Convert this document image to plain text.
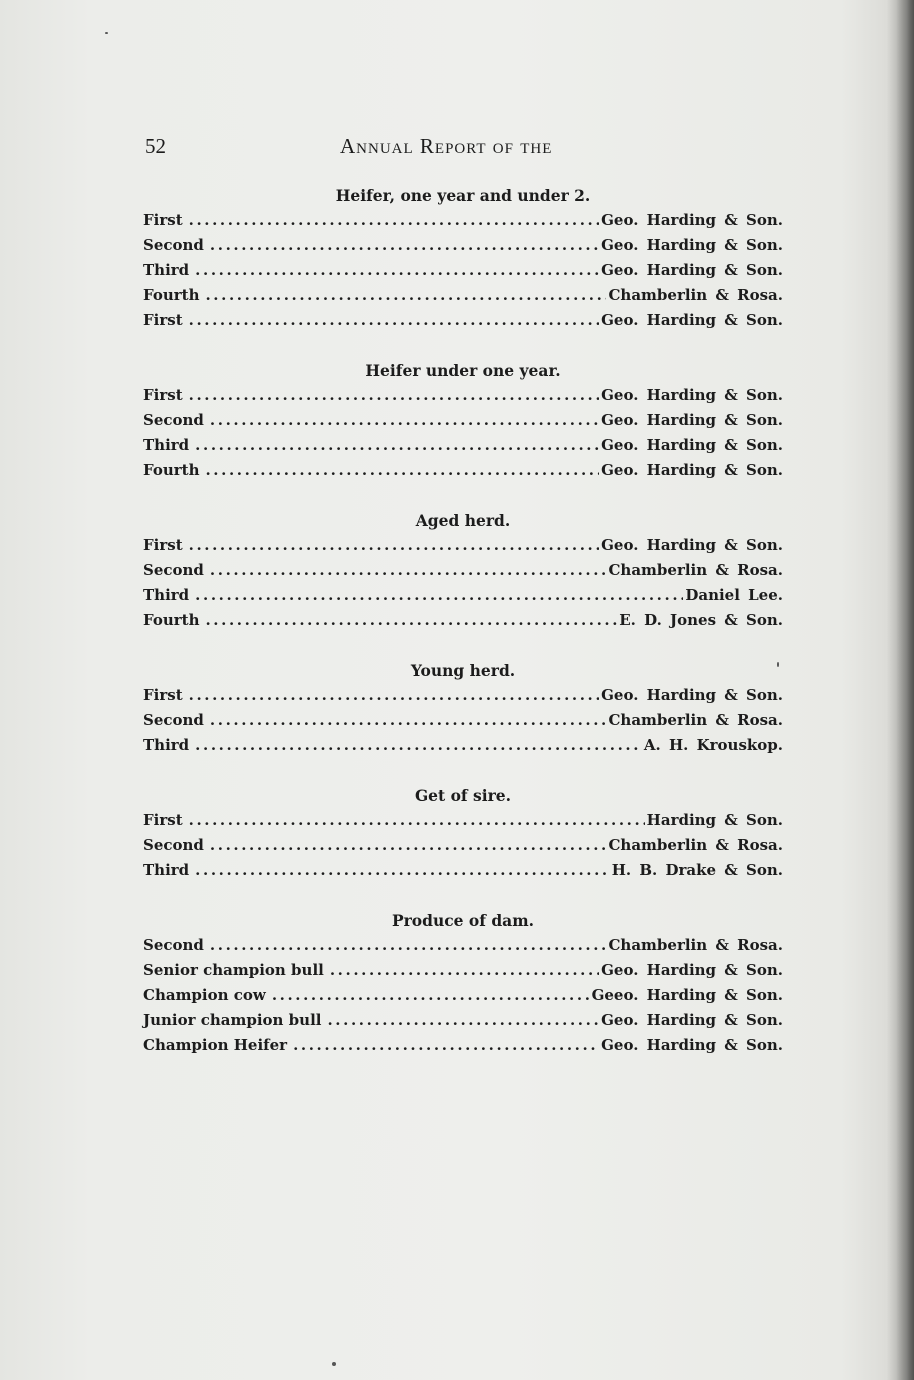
52	Annual Report of the
Heifer, one year and under 2.
First .....	Geo. Harding & Son.
Second .....	Geo. Harding & Son.
Third .....	Geo. Harding & Son.
Fourth .....	Chamberlin & Rosa.
First .....	Geo. Harding & Son.
Heifer under one year.
First .....	Geo. Harding & Son.
Second .....	Geo. Harding & Son.
Third .....	Geo. Harding & Son.
Fourth .....	Geo. Harding & Son.
Aged herd.
First .....	Geo. Harding & Son.
Second .....	Chamberlin & Rosa.
Third .....	Daniel Lee.
Fourth .....	E. D. Jones & Son.
Young herd.
First .....	Geo. Harding & Son.
Second .....	Chamberlin & Rosa.
Third .....	A. H. Krouskop.
Get of sire.
First .....	Harding & Son.
Second .....	Chamberlin & Rosa.
Third .....	H. B. Drake & Son.
Produce of dam.
Second .....	Chamberlin & Rosa.
Senior champion bull .....	Geo. Harding & Son.
Champion cow .....	Geeo. Harding & Son.
Junior champion bull .....	Geo. Harding & Son.
Champion Heifer .....	Geo. Harding & Son.
